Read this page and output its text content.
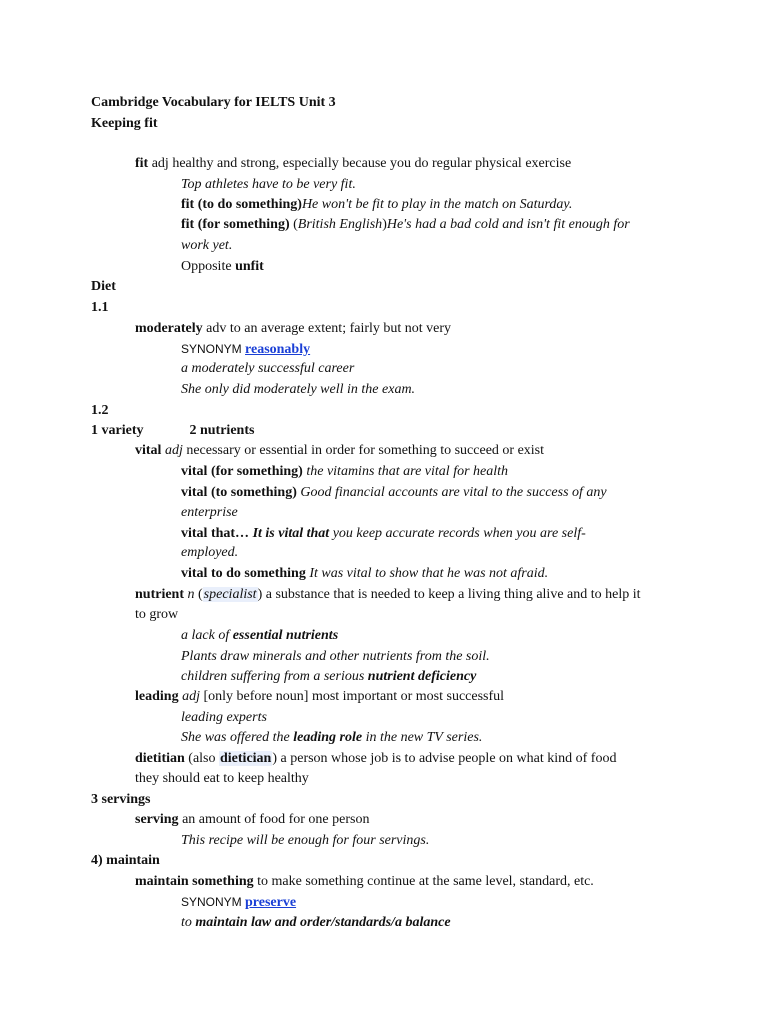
Cambridge Vocabulary for IELTS Unit 3
Keeping fit
fit adj healthy and strong, especially because you do regular physical exercise
Top athletes have to be very fit.
fit (to do something)He won't be fit to play in the match on Saturday.
fit (for something) (British English)He's had a bad cold and isn't fit enough for
work yet.
Opposite unfit
Diet
1.1
moderately adv to an average extent; fairly but not very
SYNONYM reasonably
a moderately successful career
She only did moderately well in the exam.
1.2
1 variety	2 nutrients
vital adj necessary or essential in order for something to succeed or exist
vital (for something) the vitamins that are vital for health
vital (to something) Good financial accounts are vital to the success of any
enterprise
vital that… It is vital that you keep accurate records when you are self-
employed.
vital to do something It was vital to show that he was not afraid.
nutrient n (specialist) a substance that is needed to keep a living thing alive and to help it
to grow
a lack of essential nutrients
Plants draw minerals and other nutrients from the soil.
children suffering from a serious nutrient deficiency
leading adj [only before noun] most important or most successful
leading experts
She was offered the leading role in the new TV series.
dietitian (also dietician) a person whose job is to advise people on what kind of food
they should eat to keep healthy
3 servings
serving an amount of food for one person
This recipe will be enough for four servings.
4) maintain
maintain something to make something continue at the same level, standard, etc.
SYNONYM preserve
to maintain law and order/standards/a balance
